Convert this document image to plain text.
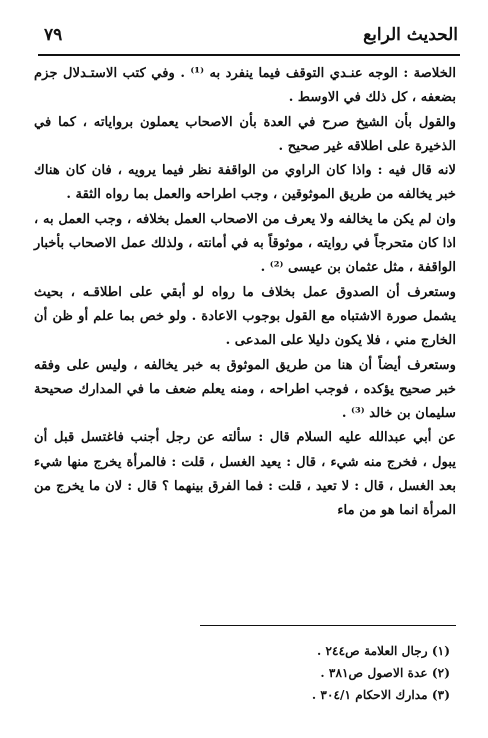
الحديث الرابع
٧٩

الخلاصة : الوجه عنـدي التوقف فيما ينفرد به ⁽¹⁾ . وفي كتب الاستـدلال جزم بضعفه ، كل ذلك في الاوسط .

والقول بأن الشيخ صرح في العدة بأن الاصحاب يعملون برواياته ، كما في الذخيرة على اطلاقه غير صحيح .

لانه قال فيه : واذا كان الراوي من الواقفة نظر فيما يرويه ، فان كان هناك خبر يخالفه من طريق الموثوقين ، وجب اطراحه والعمل بما رواه الثقة .

وان لم يكن ما يخالفه ولا يعرف من الاصحاب العمل بخلافه ، وجب العمل به ، اذا كان متحرجاً في روايته ، موثوقاً به في أمانته ، ولذلك عمل الاصحاب بأخبار الواقفة ، مثل عثمان بن عيسى ⁽²⁾ .

وستعرف أن الصدوق عمل بخلاف ما رواه لو أبقي على اطلاقـه ، بحيث يشمل صورة الاشتباه مع القول بوجوب الاعادة . ولو خص بما علم أو ظن أن الخارج مني ، فلا يكون دليلا على المدعى .

وستعرف أيضاً أن هنا من طريق الموثوق به خبر يخالفه ، وليس على وفقه خبر صحيح يؤكده ، فوجب اطراحه ، ومنه يعلم ضعف ما في المدارك صحيحة سليمان بن خالد ⁽³⁾ .

عن أبي عبدالله عليه السلام قال : سألته عن رجل أجنب فاغتسل قبل أن يبول ، فخرج منه شيء ، قال : يعيد الغسل ، قلت : فالمرأة يخرج منها شيء بعد الغسل ، قال : لا تعيد ، قلت : فما الفرق بينهما ؟ قال : لان ما يخرج من المرأة انما هو من ماء

(١) رجال العلامة ص٢٤٤ .
(٢) عدة الاصول ص٣٨١ .
(٣) مدارك الاحكام ٣٠٤/١ .
